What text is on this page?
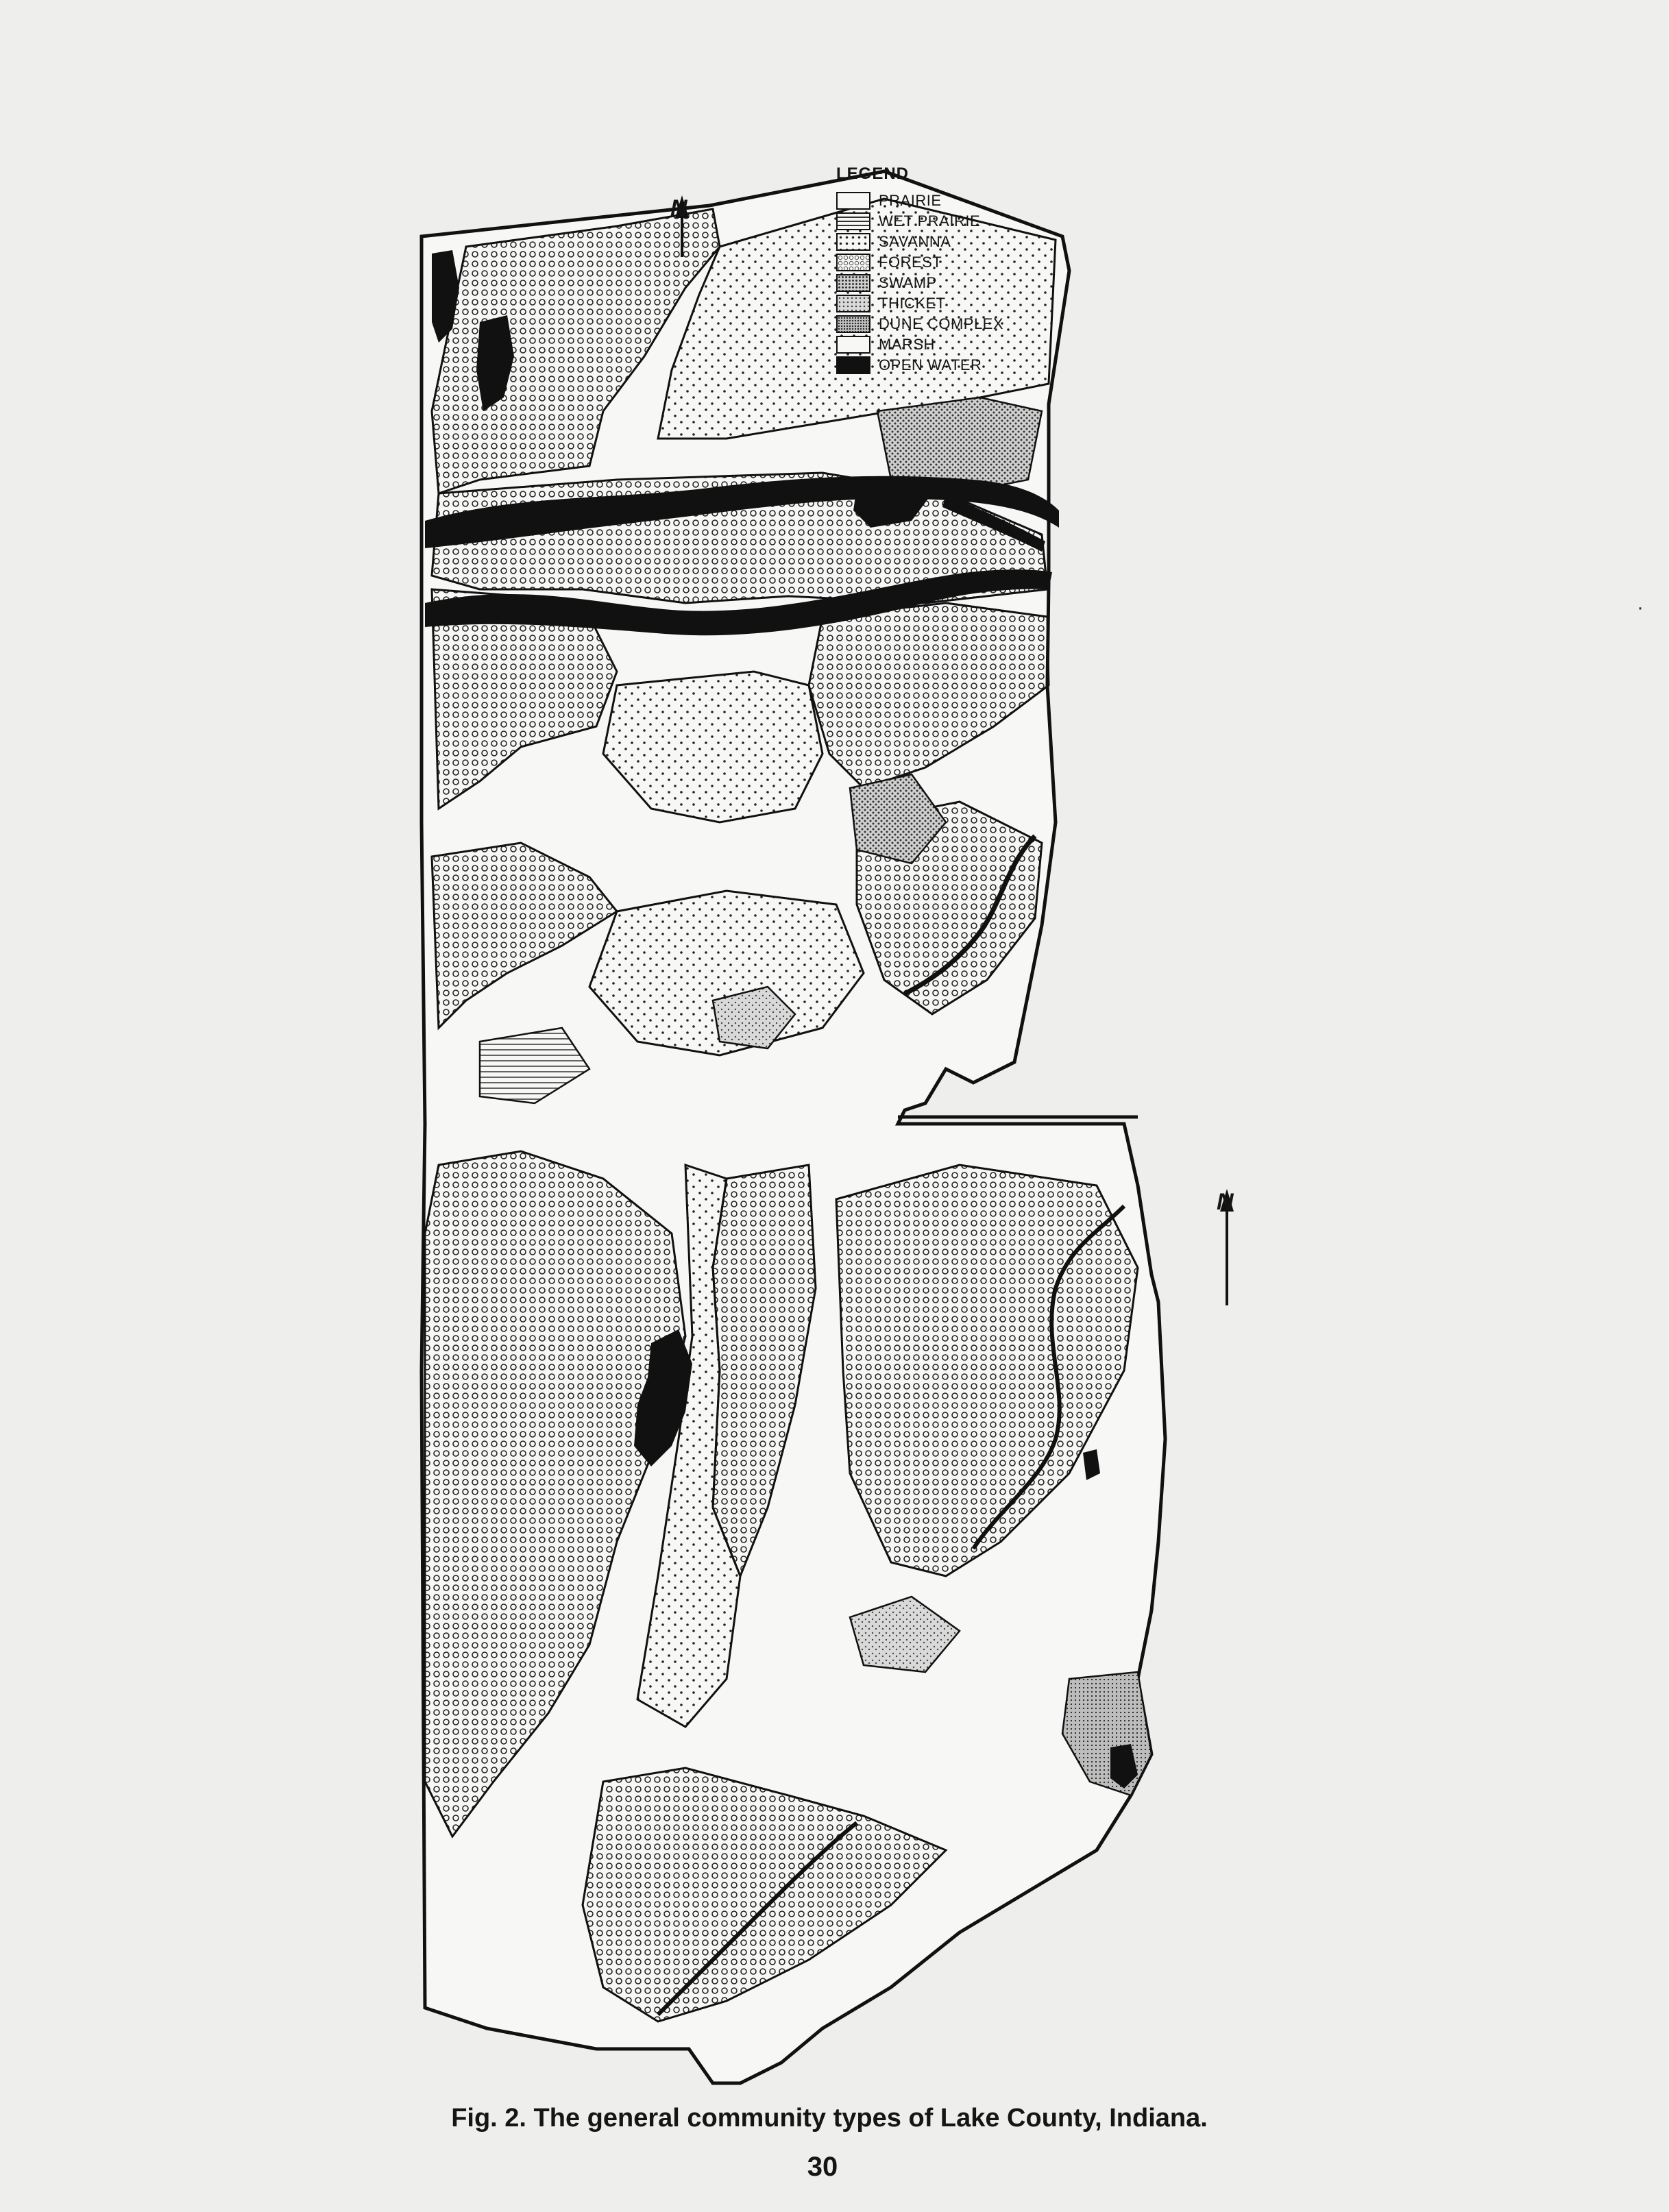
N
N
LEGEND
PRAIRIE
WET PRAIRIE
SAVANNA
FOREST
SWAMP
THICKET
DUNE COMPLEX
MARSH
OPEN WATER
Fig. 2. The general community types of Lake County, Indiana.
30
·
